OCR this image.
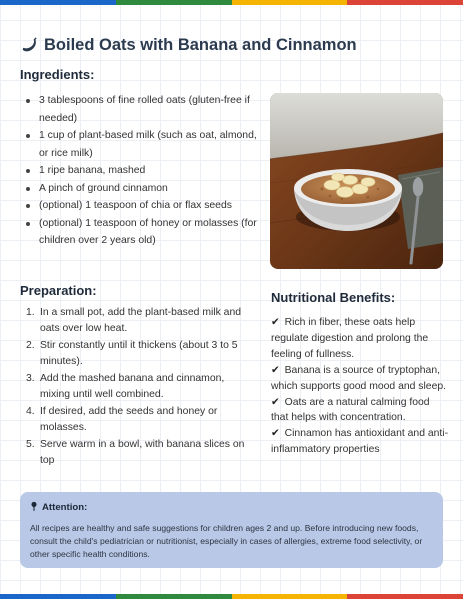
Boiled Oats with Banana and Cinnamon
Ingredients:
3 tablespoons of fine rolled oats (gluten-free if needed)
1 cup of plant-based milk (such as oat, almond, or rice milk)
1 ripe banana, mashed
A pinch of ground cinnamon
(optional) 1 teaspoon of chia or flax seeds
(optional) 1 teaspoon of honey or molasses (for children over 2 years old)
Preparation:
1. In a small pot, add the plant-based milk and oats over low heat.
2. Stir constantly until it thickens (about 3 to 5 minutes).
3. Add the mashed banana and cinnamon, mixing until well combined.
4. If desired, add the seeds and honey or molasses.
5. Serve warm in a bowl, with banana slices on top
Nutritional Benefits:

✔ Rich in fiber, these oats help regulate digestion and prolong the feeling of fullness.

✔ Banana is a source of tryptophan, which supports good mood and sleep.

✔ Oats are a natural calming food that helps with concentration.

✔ Cinnamon has antioxidant and anti-inflammatory properties

Attention:
All recipes are healthy and safe suggestions for children ages 2 and up. Before introducing new foods, consult the child's pediatrician or nutritionist, especially in cases of allergies, extreme food selectivity, or other specific health conditions.
